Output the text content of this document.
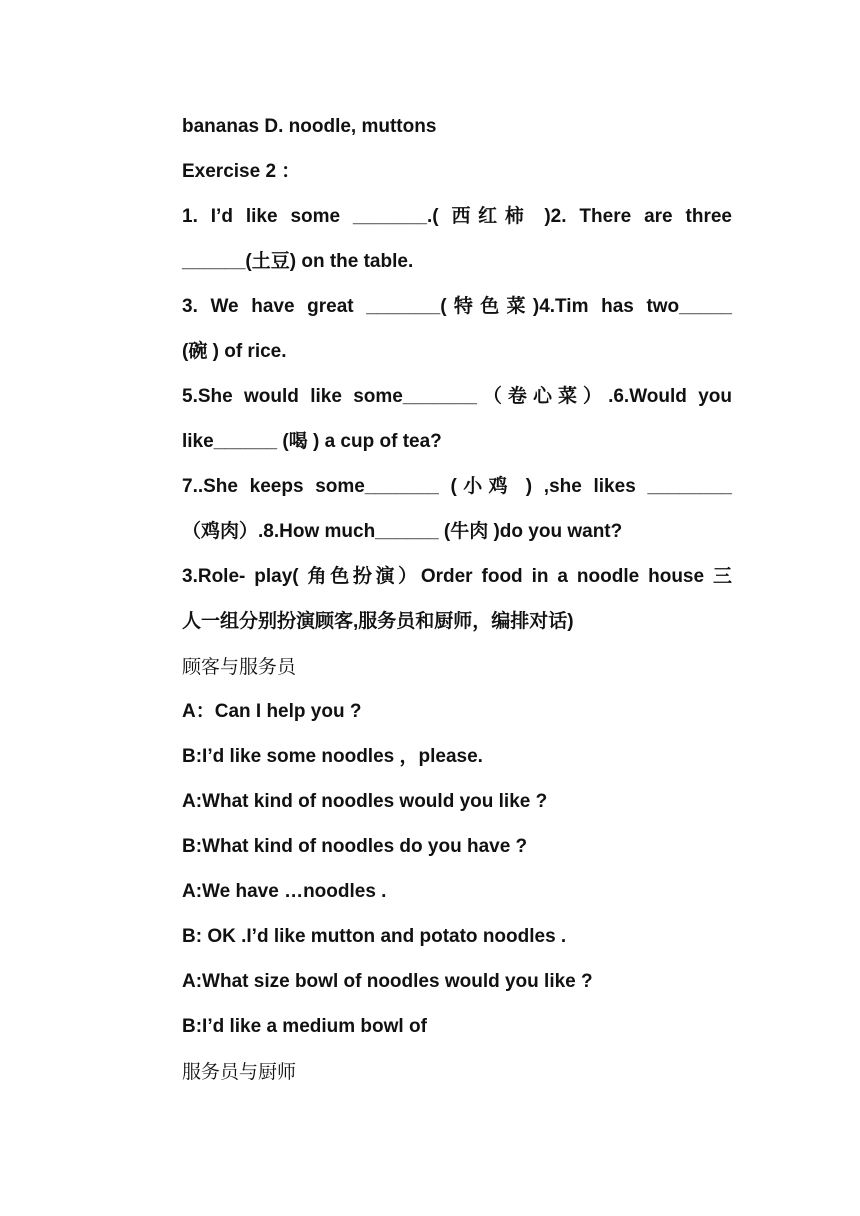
bananas D. noodle, muttons
Exercise 2 ：
1. I’d like some _______.( 西红柿 )2. There are three
______(土豆) on the table.
3. We have great _______(特色菜)4.Tim has two_____
(碗 ) of rice.
5.She would like some_______（卷心菜）.6.Would you
like______ (喝 ) a cup of tea?
7..She keeps some_______ (小鸡 ) ,she likes ________
（鸡肉）.8.How much______ (牛肉 )do you want?
3.Role- play( 角色扮演）Order food in a noodle house 三
人一组分别扮演顾客,服务员和厨师，编排对话)
顾客与服务员
A：Can I help you ?
B:I’d like some noodles ，please.
A:What kind of noodles would you like ?
B:What kind of noodles do you have ?
A:We have …noodles .
B: OK .I’d like mutton and potato noodles .
A:What size bowl of noodles would you like ?
B:I’d like a medium bowl of
服务员与厨师
